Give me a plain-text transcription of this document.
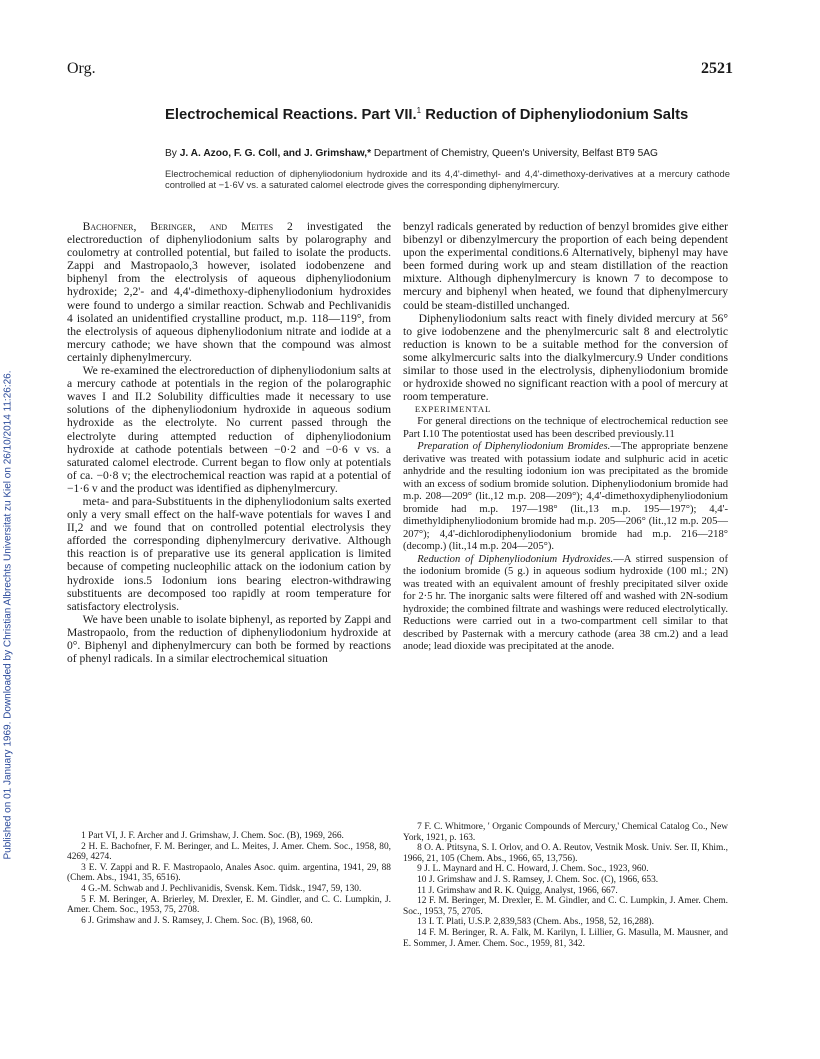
Published on 01 January 1969. Downloaded by Christian Albrechts Universitat zu Kiel on 26/10/2014 11:26:26.
Org.	2521
Electrochemical Reactions. Part VII.$^1$ Reduction of Diphenyliodonium Salts
By J. A. Azoo, F. G. Coll, and J. Grimshaw,* Department of Chemistry, Queen's University, Belfast BT9 5AG
Electrochemical reduction of diphenyliodonium hydroxide and its 4,4'-dimethyl- and 4,4'-dimethoxy-derivatives at a mercury cathode controlled at −1·6V vs. a saturated calomel electrode gives the corresponding diphenylmercury.

Bachofner, Beringer, and Meites 2 investigated the electroreduction of diphenyliodonium salts by polarography and coulometry at controlled potential, but failed to isolate the products. Zappi and Mastropaolo,3 however, isolated iodobenzene and biphenyl from the electrolysis of aqueous diphenyliodonium hydroxide; 2,2'- and 4,4'-dimethoxy-diphenyliodonium hydroxides were found to undergo a similar reaction. Schwab and Pechlivanidis 4 isolated an unidentified crystalline product, m.p. 118—119°, from the electrolysis of aqueous diphenyliodonium nitrate and iodide at a mercury cathode; we have shown that the compound was almost certainly diphenylmercury.

We re-examined the electroreduction of diphenyliodonium salts at a mercury cathode at potentials in the region of the polarographic waves I and II.2 Solubility difficulties made it necessary to use solutions of the diphenyliodonium hydroxide in aqueous sodium hydroxide as the electrolyte. No current passed through the electrolyte during attempted reduction of diphenyliodonium hydroxide at cathode potentials between −0·2 and −0·6 v vs. a saturated calomel electrode. Current began to flow only at potentials of ca. −0·8 v; the electrochemical reaction was rapid at a potential of −1·6 v and the product was identified as diphenylmercury.

meta- and para-Substituents in the diphenyliodonium salts exerted only a very small effect on the half-wave potentials for waves I and II,2 and we found that on controlled potential electrolysis they afforded the corresponding diphenylmercury derivative. Although this reaction is of preparative use its general application is limited because of competing nucleophilic attack on the iodonium cation by hydroxide ions.5 Iodonium ions bearing electron-withdrawing substituents are decomposed too rapidly at room temperature for satisfactory electrolysis.

We have been unable to isolate biphenyl, as reported by Zappi and Mastropaolo, from the reduction of diphenyliodonium hydroxide at 0°. Biphenyl and diphenylmercury can both be formed by reactions of phenyl radicals. In a similar electrochemical situation

benzyl radicals generated by reduction of benzyl bromides give either bibenzyl or dibenzylmercury the proportion of each being dependent upon the experimental conditions.6 Alternatively, biphenyl may have been formed during work up and steam distillation of the reaction mixture. Although diphenylmercury is known 7 to decompose to mercury and biphenyl when heated, we found that diphenylmercury could be steam-distilled unchanged.

Diphenyliodonium salts react with finely divided mercury at 56° to give iodobenzene and the phenylmercuric salt 8 and electrolytic reduction is known to be a suitable method for the conversion of some alkylmercuric salts into the dialkylmercury.9 Under conditions similar to those used in the electrolysis, diphenyliodonium bromide or hydroxide showed no significant reaction with a pool of mercury at room temperature.

EXPERIMENTAL

For general directions on the technique of electrochemical reduction see Part I.10 The potentiostat used has been described previously.11

Preparation of Diphenyliodonium Bromides.—The appropriate benzene derivative was treated with potassium iodate and sulphuric acid in acetic anhydride and the resulting iodonium ion was precipitated as the bromide with an excess of sodium bromide solution. Diphenyliodonium bromide had m.p. 208—209° (lit.,12 m.p. 208—209°); 4,4'-dimethoxydiphenyliodonium bromide had m.p. 197—198° (lit.,13 m.p. 195—197°); 4,4'-dimethyldiphenyliodonium bromide had m.p. 205—206° (lit.,12 m.p. 205—207°); 4,4'-dichlorodiphenyliodonium bromide had m.p. 216—218° (decomp.) (lit.,14 m.p. 204—205°).

Reduction of Diphenyliodonium Hydroxides.—A stirred suspension of the iodonium bromide (5 g.) in aqueous sodium hydroxide (100 ml.; 2N) was treated with an equivalent amount of freshly precipitated silver oxide for 2·5 hr. The inorganic salts were filtered off and washed with 2N-sodium hydroxide; the combined filtrate and washings were reduced electrolytically. Reductions were carried out in a two-compartment cell similar to that described by Pasternak with a mercury cathode (area 38 cm.2) and a lead anode; lead dioxide was precipitated at the anode.

1 Part VI, J. F. Archer and J. Grimshaw, J. Chem. Soc. (B), 1969, 266.

2 H. E. Bachofner, F. M. Beringer, and L. Meites, J. Amer. Chem. Soc., 1958, 80, 4269, 4274.

3 E. V. Zappi and R. F. Mastropaolo, Anales Asoc. quim. argentina, 1941, 29, 88 (Chem. Abs., 1941, 35, 6516).

4 G.-M. Schwab and J. Pechlivanidis, Svensk. Kem. Tidsk., 1947, 59, 130.

5 F. M. Beringer, A. Brierley, M. Drexler, E. M. Gindler, and C. C. Lumpkin, J. Amer. Chem. Soc., 1953, 75, 2708.

6 J. Grimshaw and J. S. Ramsey, J. Chem. Soc. (B), 1968, 60.

7 F. C. Whitmore, ' Organic Compounds of Mercury,' Chemical Catalog Co., New York, 1921, p. 163.

8 O. A. Ptitsyna, S. I. Orlov, and O. A. Reutov, Vestnik Mosk. Univ. Ser. II, Khim., 1966, 21, 105 (Chem. Abs., 1966, 65, 13,756).

9 J. L. Maynard and H. C. Howard, J. Chem. Soc., 1923, 960.

10 J. Grimshaw and J. S. Ramsey, J. Chem. Soc. (C), 1966, 653.

11 J. Grimshaw and R. K. Quigg, Analyst, 1966, 667.

12 F. M. Beringer, M. Drexler, E. M. Gindler, and C. C. Lumpkin, J. Amer. Chem. Soc., 1953, 75, 2705.

13 I. T. Plati, U.S.P. 2,839,583 (Chem. Abs., 1958, 52, 16,288).

14 F. M. Beringer, R. A. Falk, M. Karilyn, I. Lillier, G. Masulla, M. Mausner, and E. Sommer, J. Amer. Chem. Soc., 1959, 81, 342.
